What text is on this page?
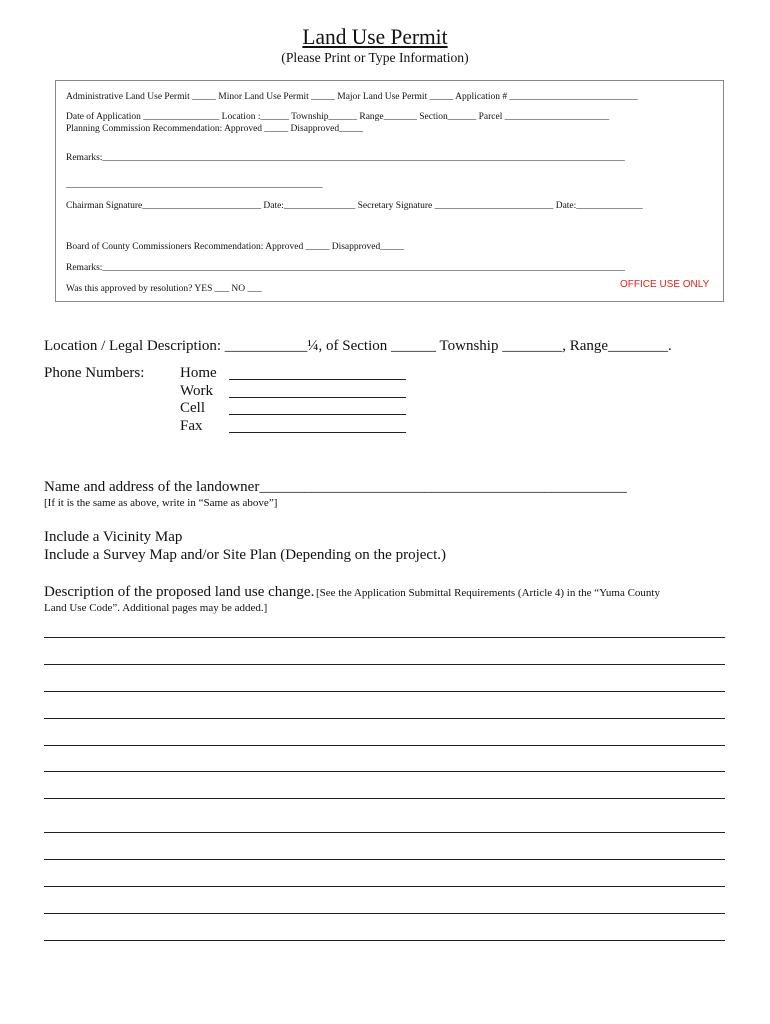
Land Use Permit
(Please Print or Type Information)
Administrative Land Use Permit _____ Minor Land Use Permit _____ Major Land Use Permit _____ Application # ___________________________
Date of Application ________________ Location :______ Township______ Range_______ Section______ Parcel ______________________
Planning Commission Recommendation: Approved _____ Disapproved_____
Remarks:______________________________________________________________________________________________________________
______________________________________________________
Chairman Signature_________________________ Date:_______________ Secretary Signature _________________________ Date:______________
Board of County Commissioners Recommendation: Approved _____ Disapproved_____
Remarks:______________________________________________________________________________________________________________
Was this approved by resolution? YES ___ NO ___	OFFICE USE ONLY
Location / Legal Description: ___________¼, of Section ______ Township ________, Range________.
Phone Numbers: Home
Work
Cell
Fax
Name and address of the landowner_________________________________________________
[If it is the same as above, write in “Same as above”]
Include a Vicinity Map
Include a Survey Map and/or Site Plan (Depending on the project.)
Description of the proposed land use change. [See the Application Submittal Requirements (Article 4) in the “Yuma County
Land Use Code”. Additional pages may be added.]
